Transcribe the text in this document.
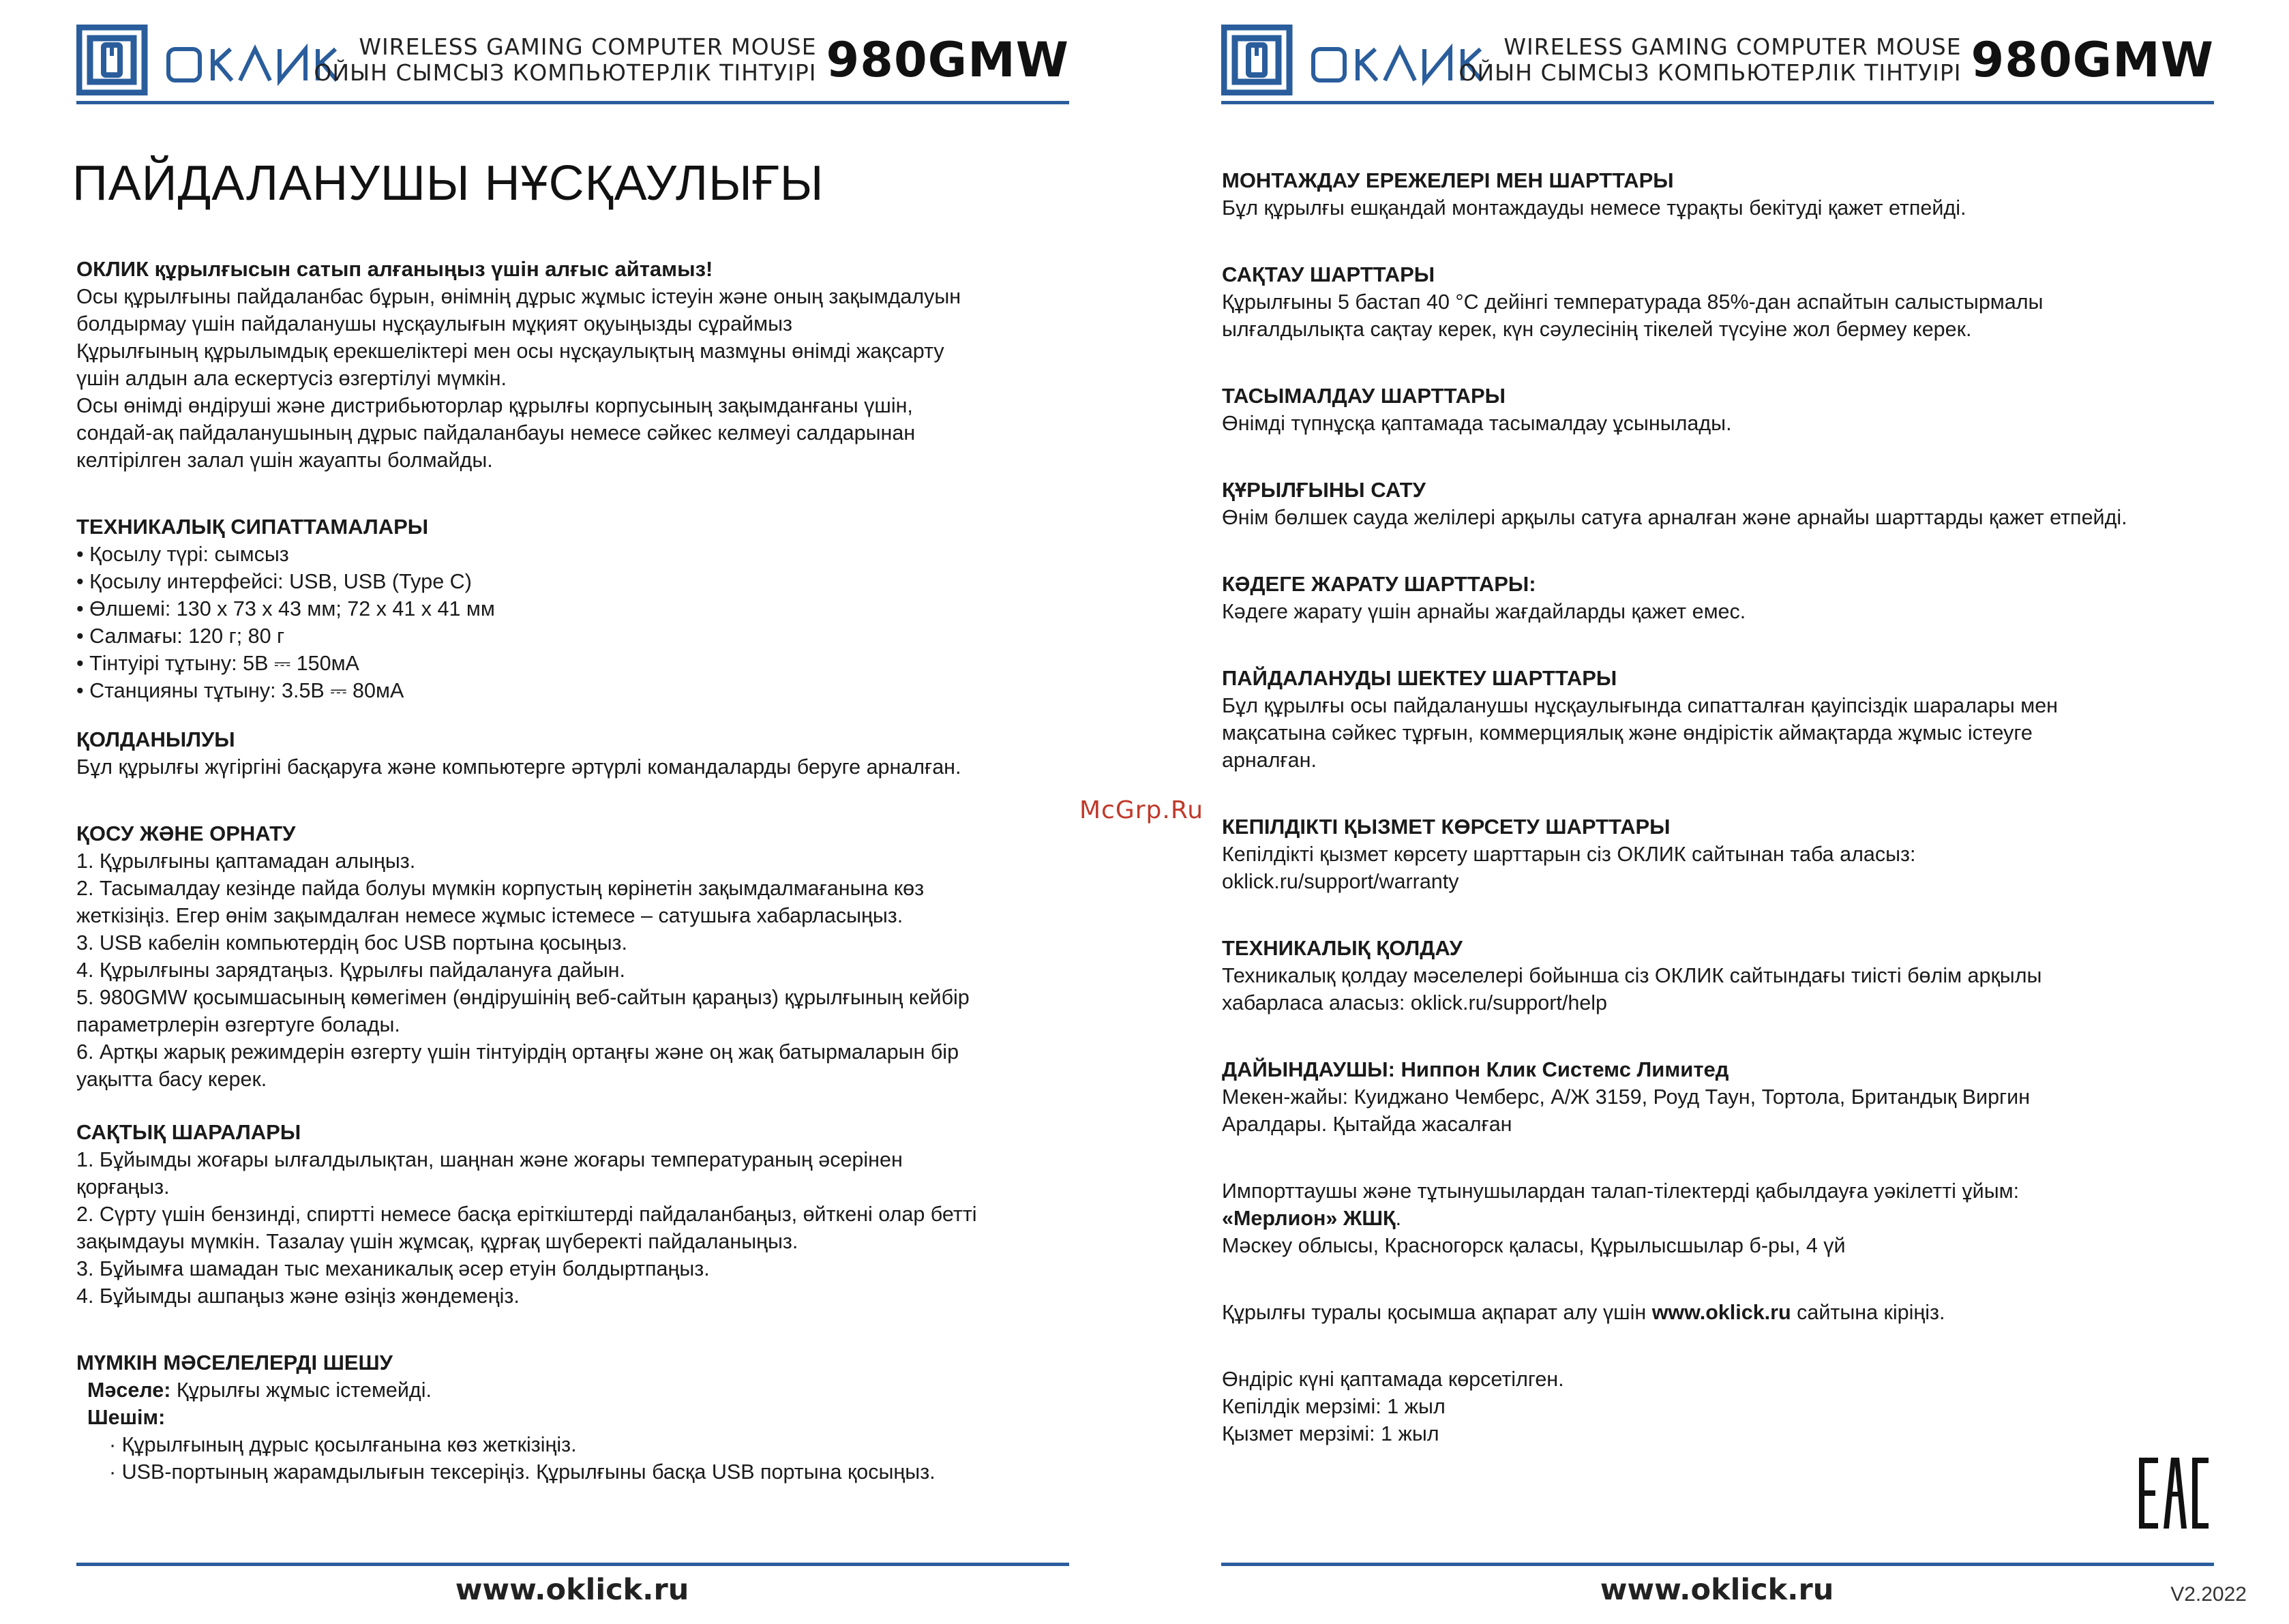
WIRELESS GAMING COMPUTER MOUSE
ОЙЫН СЫМСЫЗ КОМПЬЮТЕРЛІК ТІНТУІРІ 980GMW
ПАЙДАЛАНУШЫ НҰСҚАУЛЫҒЫ
ОКЛИК құрылғысын сатып алғаныңыз үшін алғыс айтамыз!
Осы құрылғыны пайдаланбас бұрын, өнімнің дұрыс жұмыс істеуін және оның зақымдалуын
болдырмау үшін пайдаланушы нұсқаулығын мұқият оқуыңызды сұраймыз
Құрылғының құрылымдық ерекшеліктері мен осы нұсқаулықтың мазмұны өнімді жақсарту
үшін алдын ала ескертусіз өзгертілуі мүмкін.
Осы өнімді өндіруші және дистрибьюторлар құрылғы корпусының зақымданғаны үшін,
сондай-ақ пайдаланушының дұрыс пайдаланбауы немесе сәйкес келмеуі салдарынан
келтірілген залал үшін жауапты болмайды.
ТЕХНИКАЛЫҚ СИПАТТАМАЛАРЫ
• Қосылу түрі: сымсыз
• Қосылу интерфейсі: USB, USB (Type C)
• Өлшемі: 130 x 73 x 43 мм; 72 x 41 x 41 мм
• Салмағы: 120 г; 80 г
• Тінтуірі тұтыну: 5В ⎓ 150мА
• Станцияны тұтыну: 3.5В ⎓ 80мА
ҚОЛДАНЫЛУЫ
Бұл құрылғы жүгіргіні басқаруға және компьютерге әртүрлі командаларды беруге арналған.
ҚОСУ ЖӘНЕ ОРНАТУ
1. Құрылғыны қаптамадан алыңыз.
2. Тасымалдау кезінде пайда болуы мүмкін корпустың көрінетін зақымдалмағанына көз
жеткізіңіз. Егер өнім зақымдалған немесе жұмыс істемесе – сатушыға хабарласыңыз.
3. USB кабелін компьютердің бос USB портына қосыңыз.
4. Құрылғыны зарядтаңыз. Құрылғы пайдалануға дайын.
5. 980GMW қосымшасының көмегімен (өндірушінің веб-сайтын қараңыз) құрылғының кейбір
параметрлерін өзгертуге болады.
6. Артқы жарық режимдерін өзгерту үшін тінтуірдің ортаңғы және оң жақ батырмаларын бір
уақытта басу керек.
САҚТЫҚ ШАРАЛАРЫ
1. Бұйымды жоғары ылғалдылықтан, шаңнан және жоғары температураның әсерінен
қорғаңыз.
2. Сүрту үшін бензинді, спиртті немесе басқа еріткіштерді пайдаланбаңыз, өйткені олар бетті
зақымдауы мүмкін. Тазалау үшін жұмсақ, құрғақ шүберекті пайдаланыңыз.
3. Бұйымға шамадан тыс механикалық әсер етуін болдыртпаңыз.
4. Бұйымды ашпаңыз және өзіңіз жөндемеңіз.
МҮМКІН МӘСЕЛЕЛЕРДІ ШЕШУ
Мәселе: Құрылғы жұмыс істемейді.
Шешім:
· Құрылғының дұрыс қосылғанына көз жеткізіңіз.
· USB-портының жарамдылығын тексеріңіз. Құрылғыны басқа USB портына қосыңыз.
www.oklick.ru
McGrp.Ru
WIRELESS GAMING COMPUTER MOUSE
ОЙЫН СЫМСЫЗ КОМПЬЮТЕРЛІК ТІНТУІРІ 980GMW
МОНТАЖДАУ ЕРЕЖЕЛЕРІ МЕН ШАРТТАРЫ
Бұл құрылғы ешқандай монтаждауды немесе тұрақты бекітуді қажет етпейді.
САҚТАУ ШАРТТАРЫ
Құрылғыны 5 бастап 40 °С дейінгі температурада 85%-дан аспайтын салыстырмалы
ылғалдылықта сақтау керек, күн сәулесінің тікелей түсуіне жол бермеу керек.
ТАСЫМАЛДАУ ШАРТТАРЫ
Өнімді түпнұсқа қаптамада тасымалдау ұсынылады.
ҚҰРЫЛҒЫНЫ САТУ
Өнім бөлшек сауда желілері арқылы сатуға арналған және арнайы шарттарды қажет етпейді.
КӘДЕГЕ ЖАРАТУ ШАРТТАРЫ:
Кәдеге жарату үшін арнайы жағдайларды қажет емес.
ПАЙДАЛАНУДЫ ШЕКТЕУ ШАРТТАРЫ
Бұл құрылғы осы пайдаланушы нұсқаулығында сипатталған қауіпсіздік шаралары мен
мақсатына сәйкес тұрғын, коммерциялық және өндірістік аймақтарда жұмыс істеуге
арналған.
КЕПІЛДІКТІ ҚЫЗМЕТ КӨРСЕТУ ШАРТТАРЫ
Кепілдікті қызмет көрсету шарттарын сіз ОКЛИК сайтынан таба аласыз:
oklick.ru/support/warranty
ТЕХНИКАЛЫҚ ҚОЛДАУ
Техникалық қолдау мәселелері бойынша сіз ОКЛИК сайтындағы тиісті бөлім арқылы
хабарласа аласыз: oklick.ru/support/help
ДАЙЫНДАУШЫ: Ниппон Клик Системс Лимитед
Мекен-жайы: Куиджано Чемберс, А/Ж 3159, Роуд Таун, Тортола, Британдық Виргин
Аралдары. Қытайда жасалған
Импорттаушы және тұтынушылардан талап-тілектерді қабылдауға уәкілетті ұйым:
«Мерлион» ЖШҚ.
Мәскеу облысы, Красногорск қаласы, Құрылысшылар б-ры, 4 үй
Құрылғы туралы қосымша ақпарат алу үшін www.oklick.ru сайтына кіріңіз.
Өндіріс күні қаптамада көрсетілген.
Кепілдік мерзімі: 1 жыл
Қызмет мерзімі: 1 жыл
www.oklick.ru	V2.2022
